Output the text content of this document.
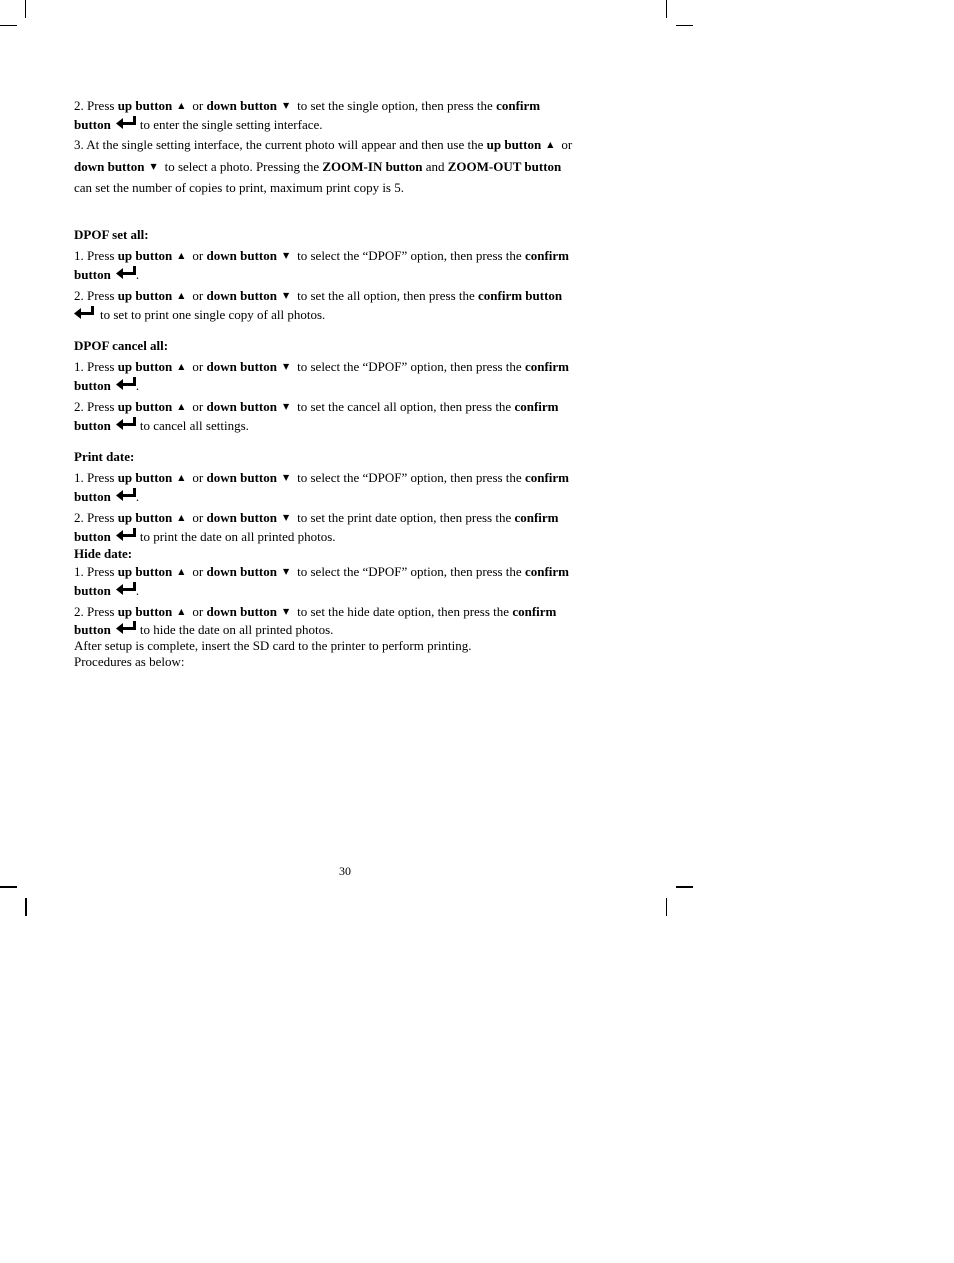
2. Press up button ▲ or down button ▼ to set the single option, then press the confirm
button to enter the single setting interface.
3. At the single setting interface, the current photo will appear and then use the up button ▲ or
down button ▼ to select a photo. Pressing the ZOOM-IN button and ZOOM-OUT button
can set the number of copies to print, maximum print copy is 5.
DPOF set all:
1. Press up button ▲ or down button ▼ to select the “DPOF” option, then press the confirm
button .
2. Press up button ▲ or down button ▼ to set the all option, then press the confirm button
to set to print one single copy of all photos.
DPOF cancel all:
1. Press up button ▲ or down button ▼ to select the “DPOF” option, then press the confirm
button .
2. Press up button ▲ or down button ▼ to set the cancel all option, then press the confirm
button to cancel all settings.
Print date:
1. Press up button ▲ or down button ▼ to select the “DPOF” option, then press the confirm
button .
2. Press up button ▲ or down button ▼ to set the print date option, then press the confirm
button to print the date on all printed photos.
Hide date:
1. Press up button ▲ or down button ▼ to select the “DPOF” option, then press the confirm
button .
2. Press up button ▲ or down button ▼ to set the hide date option, then press the confirm
button to hide the date on all printed photos.
After setup is complete, insert the SD card to the printer to perform printing.
Procedures as below:
30
